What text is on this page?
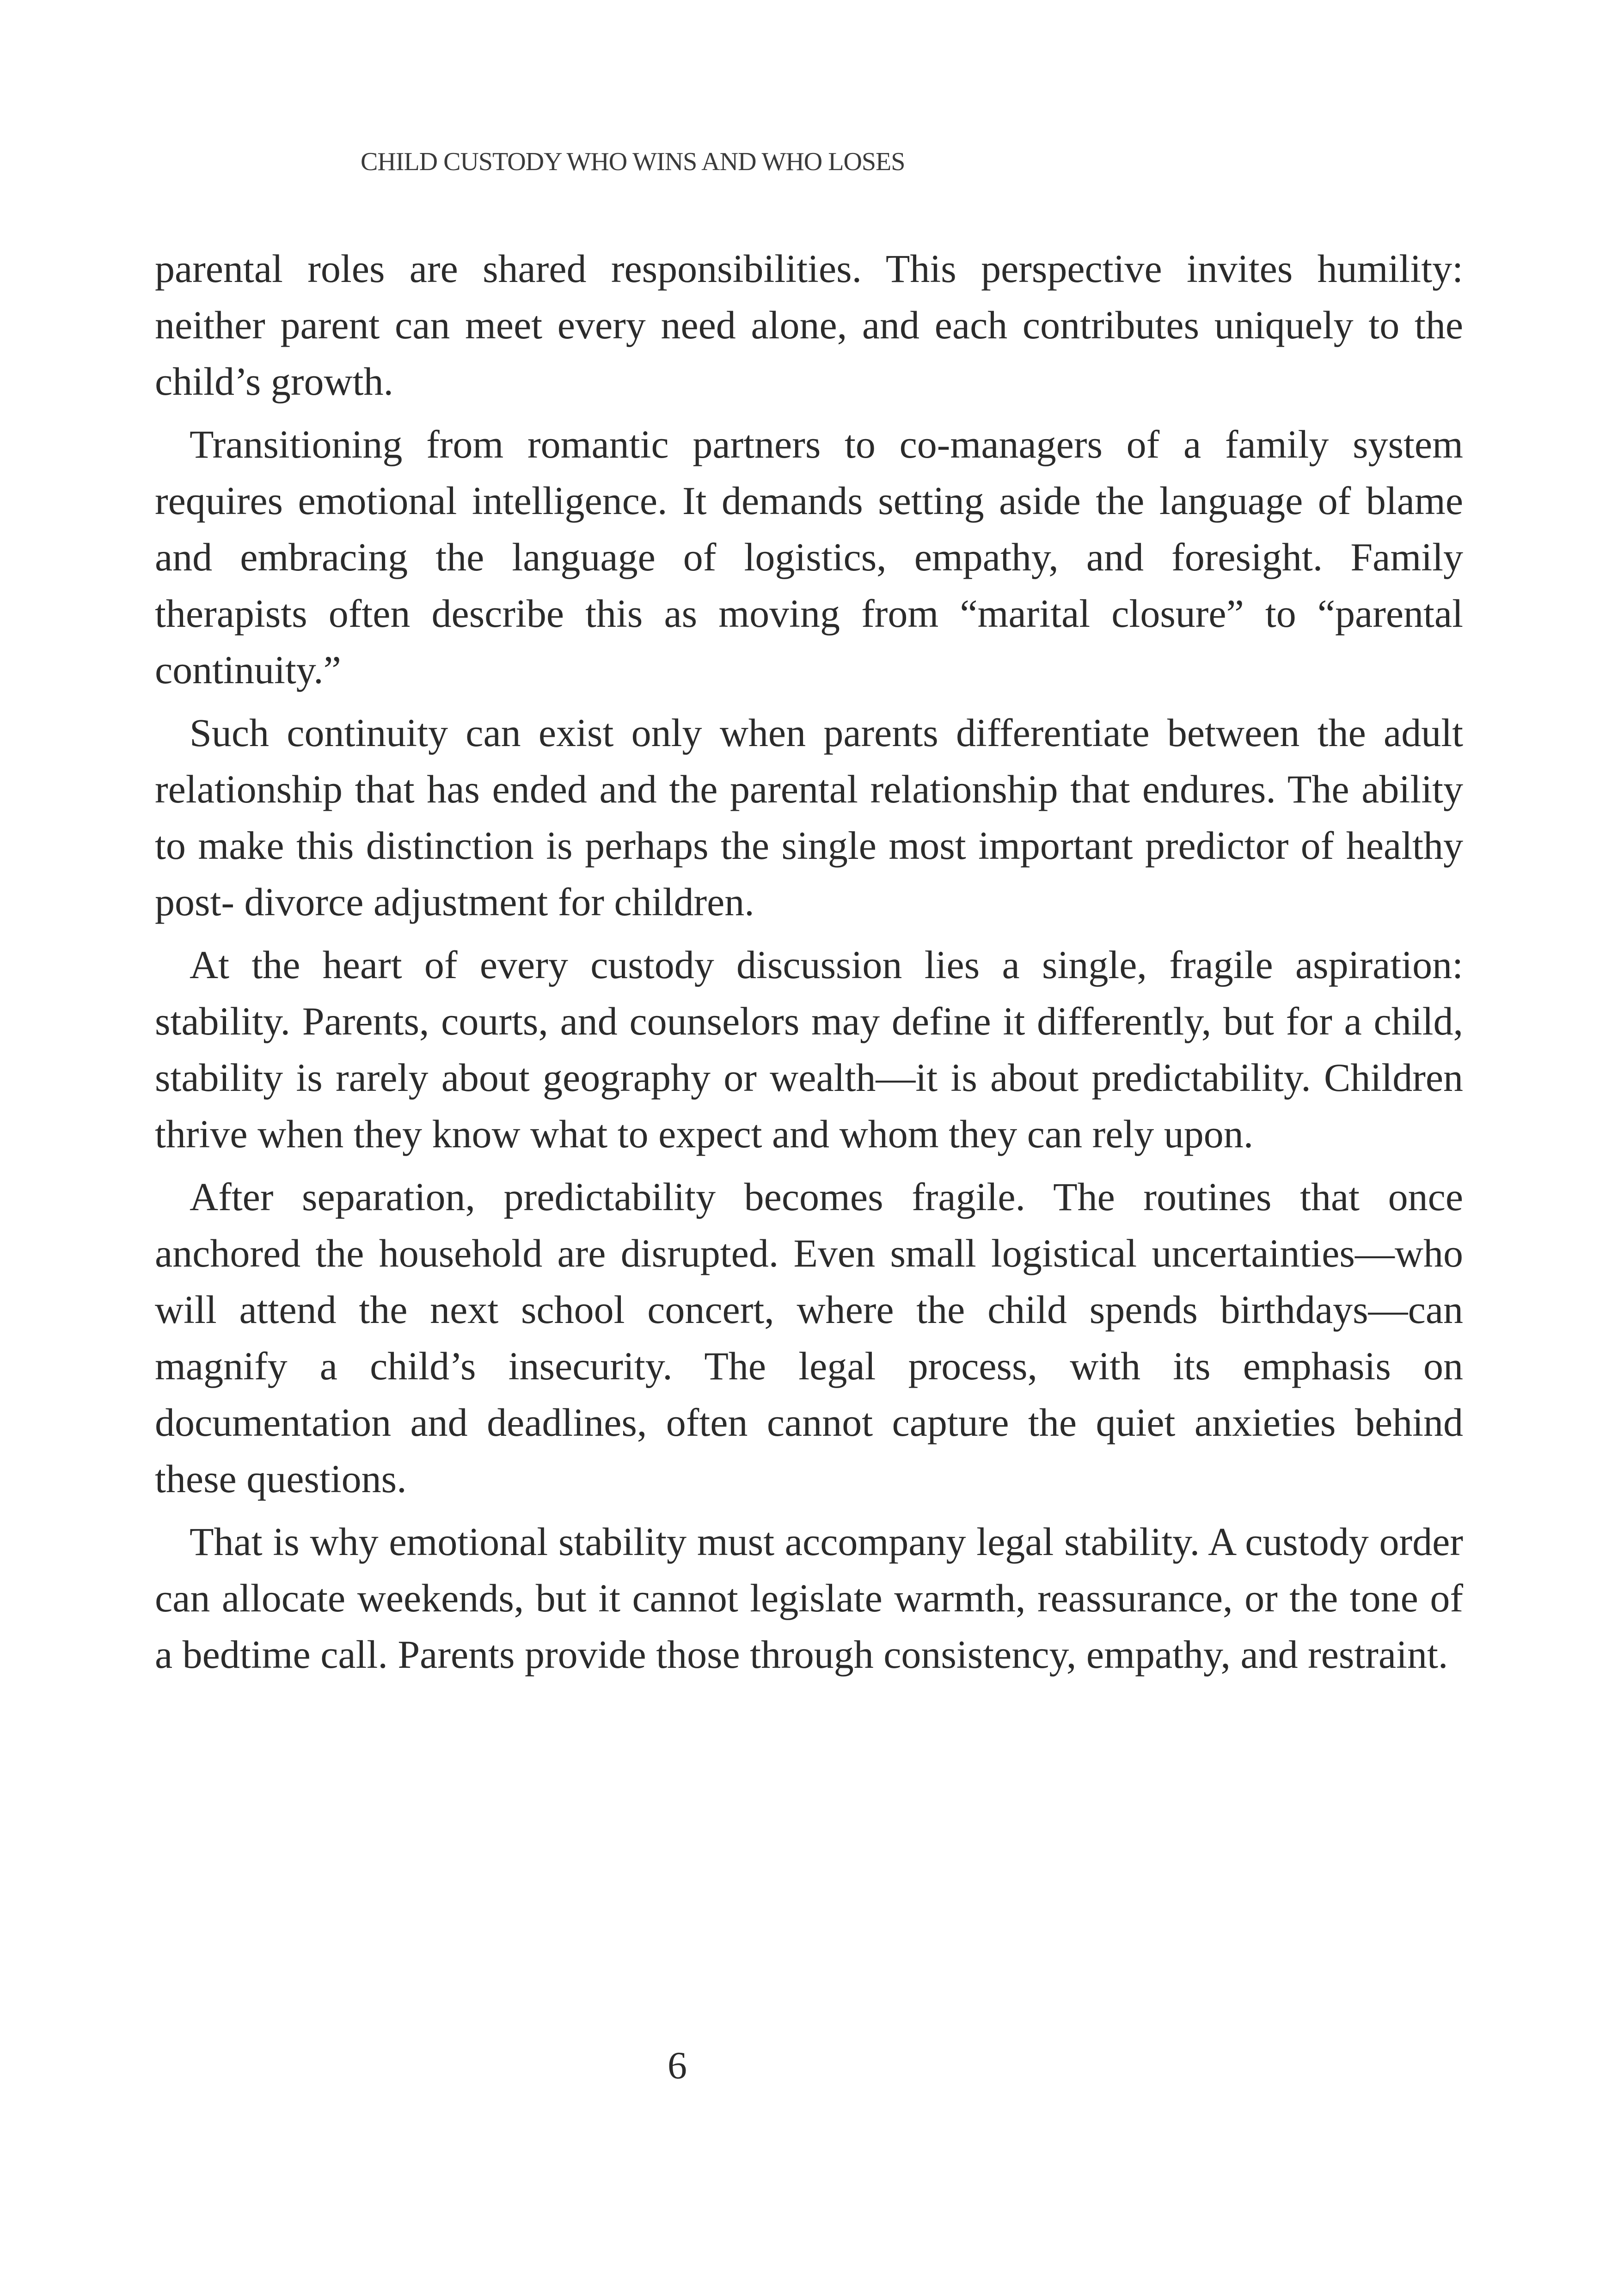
CHILD CUSTODY WHO WINS AND WHO LOSES

parental roles are shared responsibilities. This perspective invites humility: neither parent can meet every need alone, and each contributes uniquely to the child’s growth.

Transitioning from romantic partners to co-managers of a family system requires emotional intelligence. It demands setting aside the language of blame and embracing the language of logistics, empathy, and foresight. Family therapists often describe this as moving from “marital closure” to “parental continuity.”

Such continuity can exist only when parents differentiate between the adult relationship that has ended and the parental relationship that endures. The ability to make this distinction is perhaps the single most important predictor of healthy post- divorce adjustment for children.

At the heart of every custody discussion lies a single, fragile aspiration: stability. Parents, courts, and counselors may define it differently, but for a child, stability is rarely about geography or wealth—it is about predictability. Children thrive when they know what to expect and whom they can rely upon.

After separation, predictability becomes fragile. The routines that once anchored the household are disrupted. Even small logistical uncertainties—who will attend the next school concert, where the child spends birthdays—can magnify a child’s insecurity. The legal process, with its emphasis on documentation and deadlines, often cannot capture the quiet anxieties behind these questions.

That is why emotional stability must accompany legal stability. A custody order can allocate weekends, but it cannot legislate warmth, reassurance, or the tone of a bedtime call. Parents provide those through consistency, empathy, and restraint.

6
